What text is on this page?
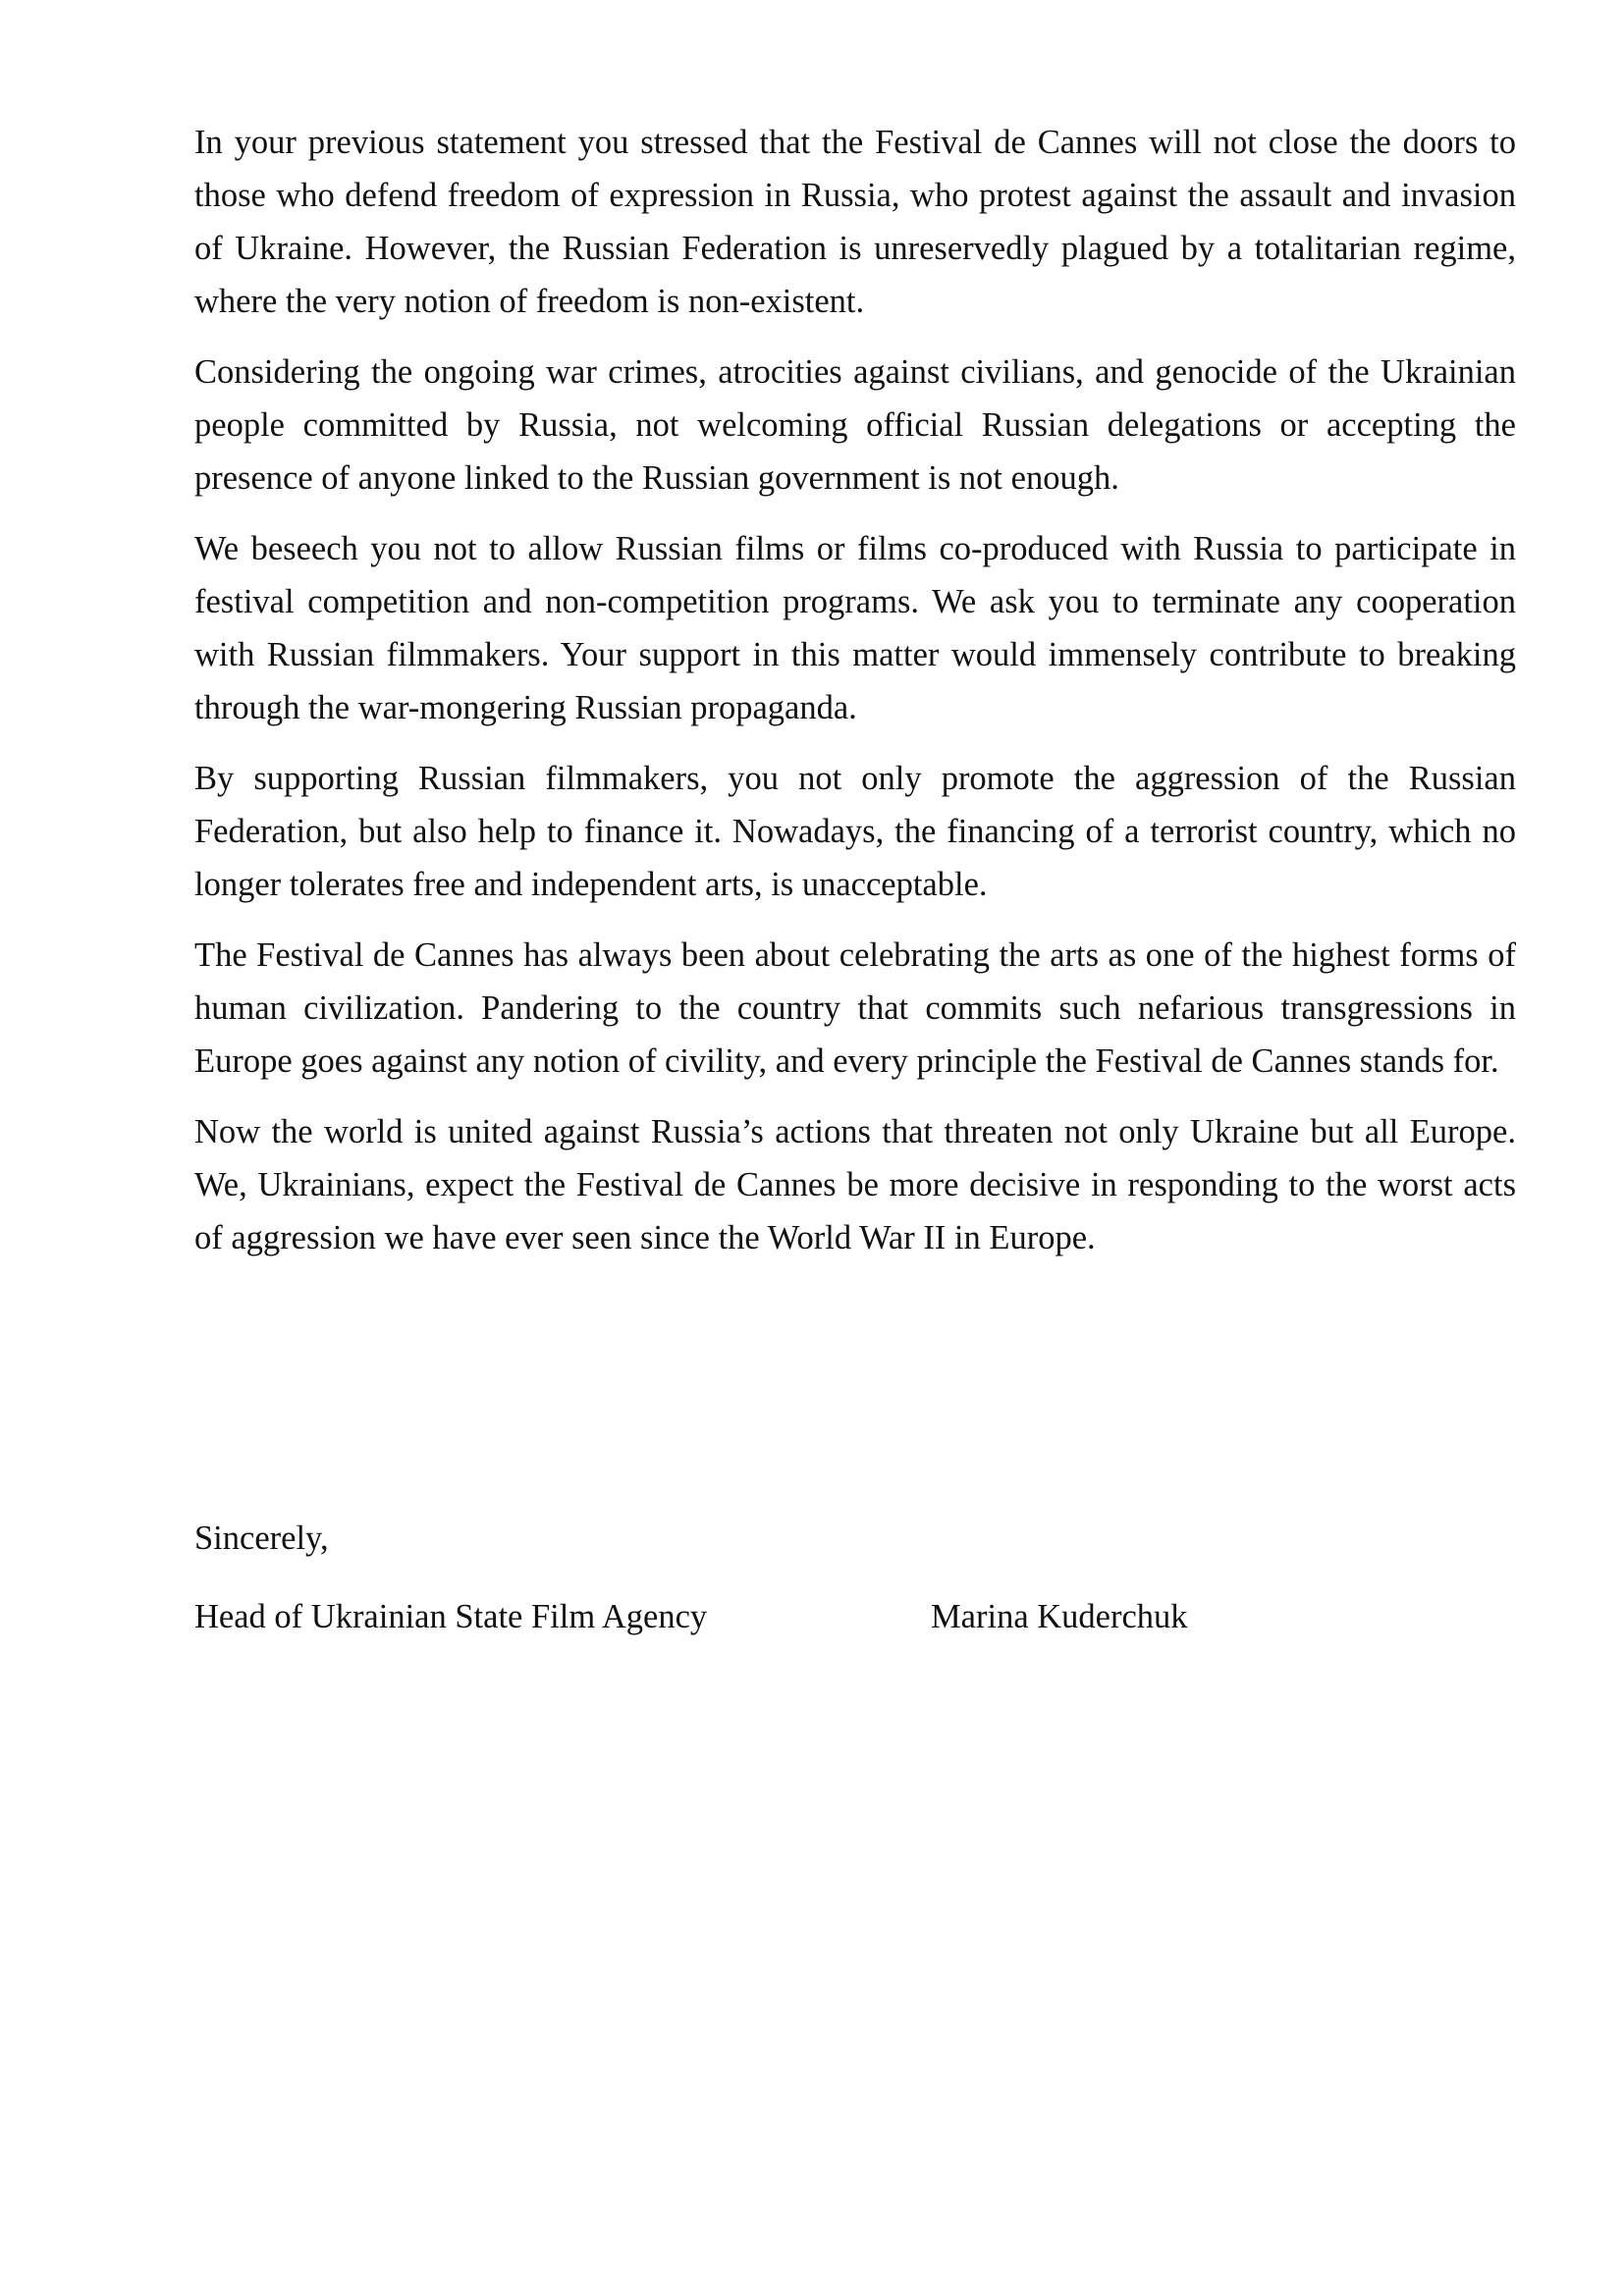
In your previous statement you stressed that the Festival de Cannes will not close the doors to those who defend freedom of expression in Russia, who protest against the assault and invasion of Ukraine. However, the Russian Federation is unreservedly plagued by a totalitarian regime, where the very notion of freedom is non-existent.

Considering the ongoing war crimes, atrocities against civilians, and genocide of the Ukrainian people committed by Russia, not welcoming official Russian delegations or accepting the presence of anyone linked to the Russian government is not enough.

We beseech you not to allow Russian films or films co-produced with Russia to participate in festival competition and non-competition programs. We ask you to terminate any cooperation with Russian filmmakers. Your support in this matter would immensely contribute to breaking through the war-mongering Russian propaganda.

By supporting Russian filmmakers, you not only promote the aggression of the Russian Federation, but also help to finance it. Nowadays, the financing of a terrorist country, which no longer tolerates free and independent arts, is unacceptable.

The Festival de Cannes has always been about celebrating the arts as one of the highest forms of human civilization. Pandering to the country that commits such nefarious transgressions in Europe goes against any notion of civility, and every principle the Festival de Cannes stands for.

Now the world is united against Russia’s actions that threaten not only Ukraine but all Europe. We, Ukrainians, expect the Festival de Cannes be more decisive in responding to the worst acts of aggression we have ever seen since the World War II in Europe.

Sincerely,
Head of Ukrainian State Film Agency	Marina Kuderchuk
